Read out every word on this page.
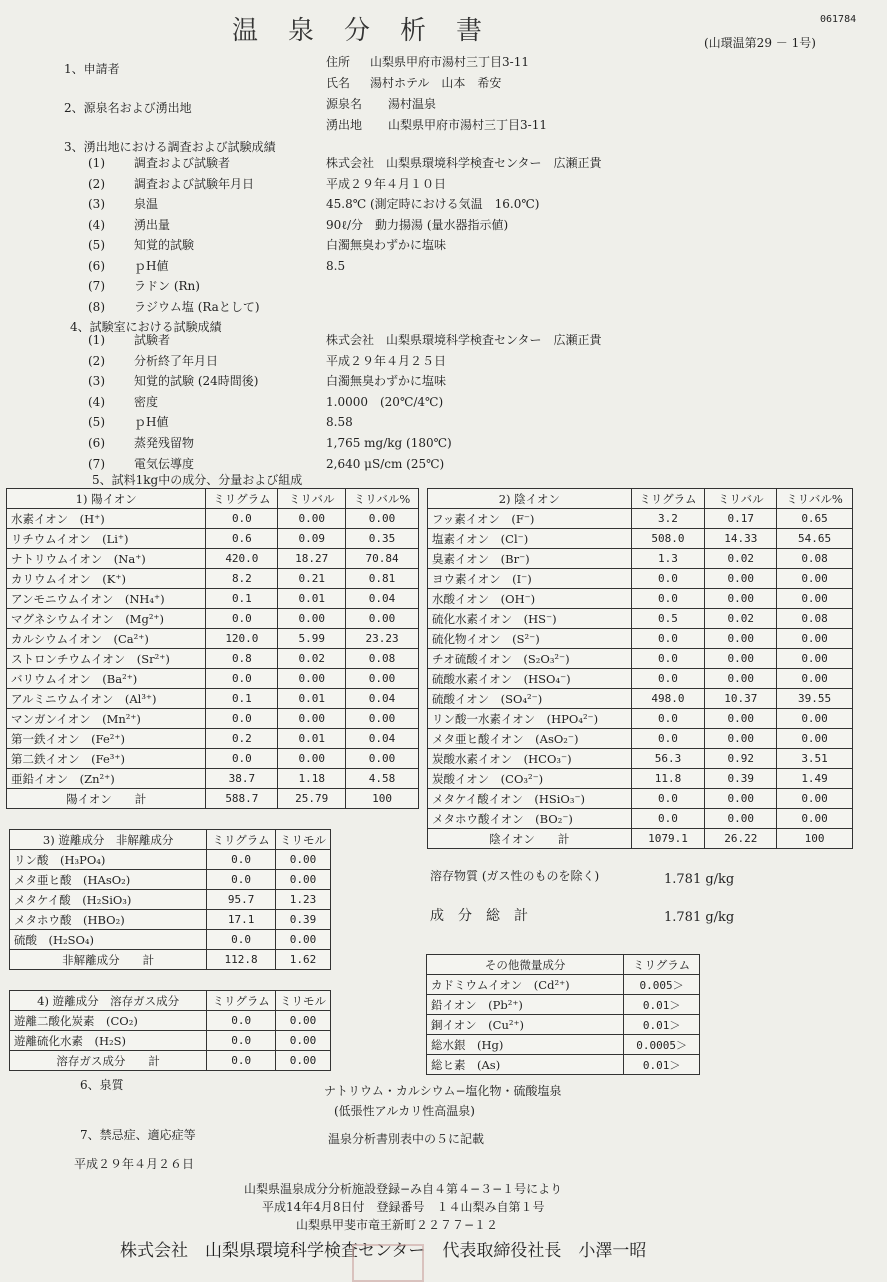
061784
温泉分析書	(山環温第29 － 1号)
1、申請者	住所 山梨県甲府市湯村三丁目3-11
氏名 湯村ホテル　山本　希安
2、源泉名および湧出地	源泉名 湯村温泉
湧出地 山梨県甲府市湯村三丁目3-11
3、湧出地における調査および試験成績
(1) 調査および試験者	株式会社　山梨県環境科学検査センター　広瀬正貴
(2) 調査および試験年月日	平成２９年４月１０日
(3) 泉温	45.8℃ (測定時における気温　16.0℃)
(4) 湧出量	90ℓ/分　動力揚湯 (量水器指示値)
(5) 知覚的試験	白濁無臭わずかに塩味
(6) ｐH値	8.5
(7) ラドン (Rn)
(8) ラジウム塩 (Raとして)
4、試験室における試験成績
(1) 試験者	株式会社　山梨県環境科学検査センター　広瀬正貴
(2) 分析終了年月日	平成２９年４月２５日
(3) 知覚的試験 (24時間後)	白濁無臭わずかに塩味
(4) 密度	1.0000　(20℃/4℃)
(5) ｐH値	8.58
(6) 蒸発残留物	1,765 mg/kg (180℃)
(7) 電気伝導度	2,640 μS/cm (25℃)
5、試料1kg中の成分、分量および組成
1) 陽イオン	ミリグラム	ミリバル	ミリバル%
水素イオン　(H⁺)	0.0	0.00	0.00
リチウムイオン　(Li⁺)	0.6	0.09	0.35
ナトリウムイオン　(Na⁺)	420.0	18.27	70.84
カリウムイオン　(K⁺)	8.2	0.21	0.81
アンモニウムイオン　(NH₄⁺)	0.1	0.01	0.04
マグネシウムイオン　(Mg²⁺)	0.0	0.00	0.00
カルシウムイオン　(Ca²⁺)	120.0	5.99	23.23
ストロンチウムイオン　(Sr²⁺)	0.8	0.02	0.08
バリウムイオン　(Ba²⁺)	0.0	0.00	0.00
アルミニウムイオン　(Al³⁺)	0.1	0.01	0.04
マンガンイオン　(Mn²⁺)	0.0	0.00	0.00
第一鉄イオン　(Fe²⁺)	0.2	0.01	0.04
第二鉄イオン　(Fe³⁺)	0.0	0.00	0.00
亜鉛イオン　(Zn²⁺)	38.7	1.18	4.58
陽イオン　　計	588.7	25.79	100
2) 陰イオン	ミリグラム	ミリバル	ミリバル%
フッ素イオン　(F⁻)	3.2	0.17	0.65
塩素イオン　(Cl⁻)	508.0	14.33	54.65
臭素イオン　(Br⁻)	1.3	0.02	0.08
ヨウ素イオン　(I⁻)	0.0	0.00	0.00
水酸イオン　(OH⁻)	0.0	0.00	0.00
硫化水素イオン　(HS⁻)	0.5	0.02	0.08
硫化物イオン　(S²⁻)	0.0	0.00	0.00
チオ硫酸イオン　(S₂O₃²⁻)	0.0	0.00	0.00
硫酸水素イオン　(HSO₄⁻)	0.0	0.00	0.00
硫酸イオン　(SO₄²⁻)	498.0	10.37	39.55
リン酸一水素イオン　(HPO₄²⁻)	0.0	0.00	0.00
メタ亜ヒ酸イオン　(AsO₂⁻)	0.0	0.00	0.00
炭酸水素イオン　(HCO₃⁻)	56.3	0.92	3.51
炭酸イオン　(CO₃²⁻)	11.8	0.39	1.49
メタケイ酸イオン　(HSiO₃⁻)	0.0	0.00	0.00
メタホウ酸イオン　(BO₂⁻)	0.0	0.00	0.00
陰イオン　　計	1079.1	26.22	100
3) 遊離成分　非解離成分	ミリグラム	ミリモル
リン酸　(H₃PO₄)	0.0	0.00
メタ亜ヒ酸　(HAsO₂)	0.0	0.00
メタケイ酸　(H₂SiO₃)	95.7	1.23
メタホウ酸　(HBO₂)	17.1	0.39
硫酸　(H₂SO₄)	0.0	0.00
非解離成分　　計	112.8	1.62
4) 遊離成分　溶存ガス成分	ミリグラム	ミリモル
遊離二酸化炭素　(CO₂)	0.0	0.00
遊離硫化水素　(H₂S)	0.0	0.00
溶存ガス成分　　計	0.0	0.00
その他微量成分	ミリグラム
カドミウムイオン　(Cd²⁺)	0.005＞
鉛イオン　(Pb²⁺)	0.01＞
銅イオン　(Cu²⁺)	0.01＞
総水銀　(Hg)	0.0005＞
総ヒ素　(As)	0.01＞
溶存物質 (ガス性のものを除く)	1.781 g/kg
成　分　総　計	1.781 g/kg
6、泉質	ナトリウム・カルシウム−塩化物・硫酸塩泉
(低張性アルカリ性高温泉)
7、禁忌症、適応症等	温泉分析書別表中の５に記載
平成２９年４月２６日
山梨県温泉成分分析施設登録−み自４第４−３−１号により
平成14年4月8日付　登録番号　１４山梨み自第１号
山梨県甲斐市竜王新町２２７７−１２
株式会社　山梨県環境科学検査センター　代表取締役社長　小澤一昭
